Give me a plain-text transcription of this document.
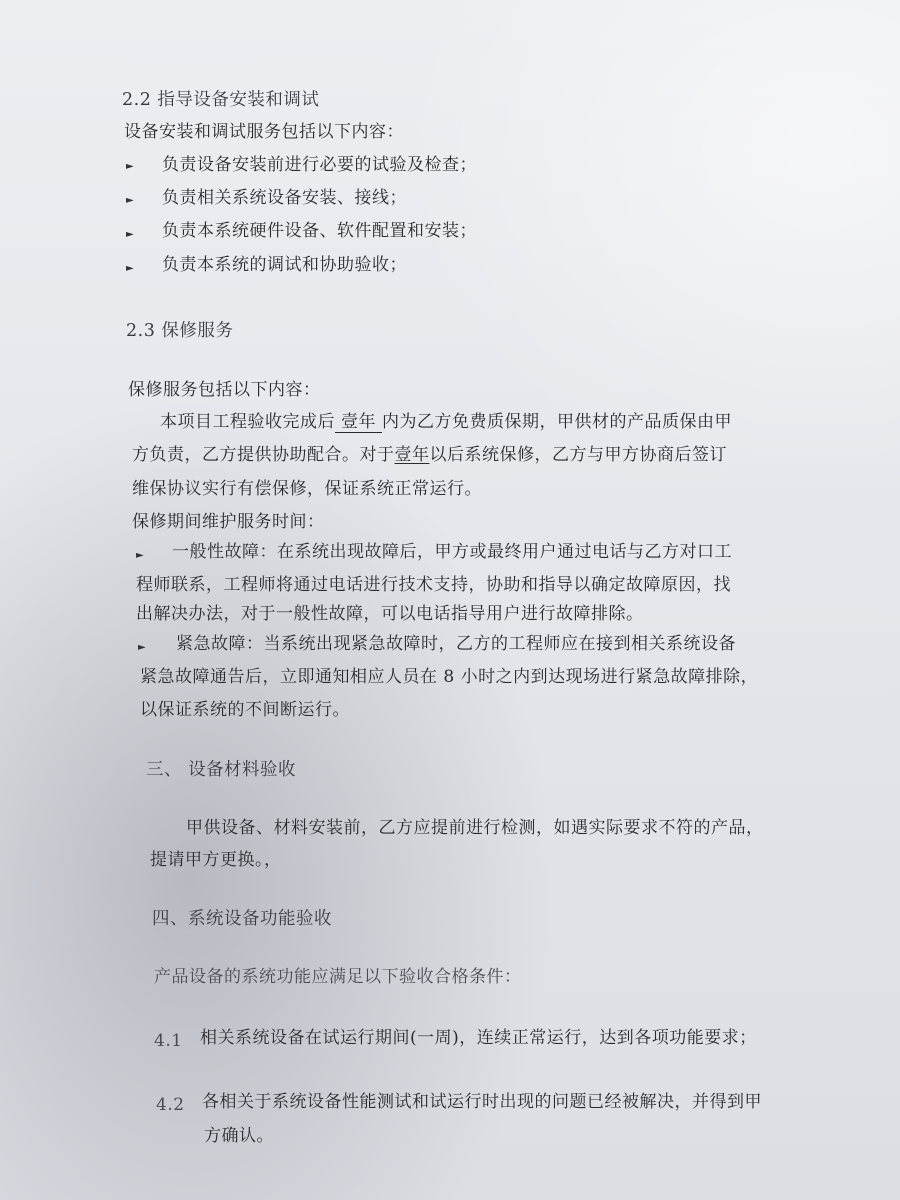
2.2 指导设备安装和调试
设备安装和调试服务包括以下内容：
► 负责设备安装前进行必要的试验及检查；
► 负责相关系统设备安装、接线；
► 负责本系统硬件设备、软件配置和安装；
► 负责本系统的调试和协助验收；
2.3 保修服务
保修服务包括以下内容：
本项目工程验收完成后 壹年 内为乙方免费质保期，甲供材的产品质保由甲
方负责，乙方提供协助配合。对于壹年以后系统保修，乙方与甲方协商后签订
维保协议实行有偿保修，保证系统正常运行。
保修期间维护服务时间：
► 一般性故障：在系统出现故障后，甲方或最终用户通过电话与乙方对口工
程师联系，工程师将通过电话进行技术支持，协助和指导以确定故障原因，找
出解决办法，对于一般性故障，可以电话指导用户进行故障排除。
► 紧急故障：当系统出现紧急故障时，乙方的工程师应在接到相关系统设备
紧急故障通告后，立即通知相应人员在 8 小时之内到达现场进行紧急故障排除，
以保证系统的不间断运行。
三、 设备材料验收
甲供设备、材料安装前，乙方应提前进行检测，如遇实际要求不符的产品，
提请甲方更换。，
四、系统设备功能验收
产品设备的系统功能应满足以下验收合格条件：
4.1 相关系统设备在试运行期间(一周)，连续正常运行，达到各项功能要求；
4.2 各相关于系统设备性能测试和试运行时出现的问题已经被解决，并得到甲
方确认。
